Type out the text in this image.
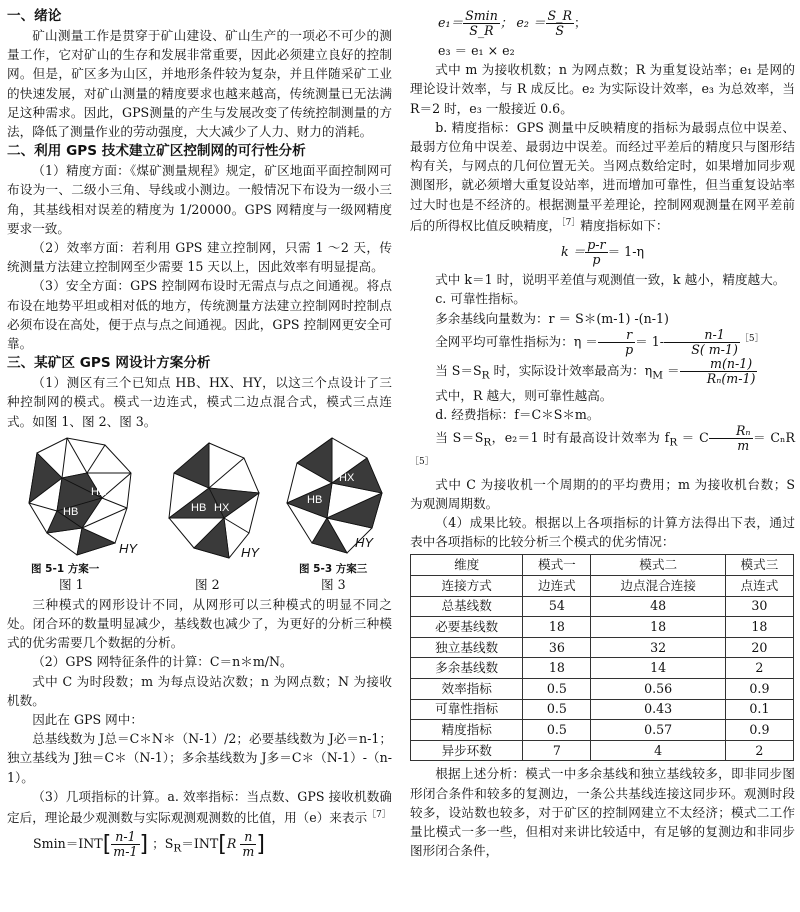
一、绪论

矿山测量工作是贯穿于矿山建设、矿山生产的一项必不可少的测量工作，它对矿山的生存和发展非常重要，因此必须建立良好的控制网。但是，矿区多为山区，并地形条件较为复杂，并且伴随采矿工业的快速发展，对矿山测量的精度要求也越来越高，传统测量已无法满足这种需求。因此，GPS测量的产生与发展改变了传统控制测量的方法，降低了测量作业的劳动强度，大大减少了人力、财力的消耗。

二、利用 GPS 技术建立矿区控制网的可行性分析

（1）精度方面：《煤矿测量规程》规定，矿区地面平面控制网可布设为一、二级小三角、导线或小测边。一般情况下布设为一级小三角，其基线相对误差的精度为 1/20000。GPS 网精度与一级网精度要求一致。

（2）效率方面：若利用 GPS 建立控制网，只需 1 ～2 天，传统测量方法建立控制网至少需要 15 天以上，因此效率有明显提高。

（3）安全方面：GPS 控制网布设时无需点与点之间通视。将点布设在地势平坦或相对低的地方，传统测量方法建立控制网时控制点必须布设在高处，便于点与点之间通视。因此，GPS 控制网更安全可靠。

三、某矿区 GPS 网设计方案分析

（1）测区有三个已知点 HB、HX、HY，以这三个点设计了三种控制网的模式。模式一边连式，模式二边点混合式，模式三点连式。如图 1、图 2、图 3。

HX
HB
HY
图 5-1 方案一
图 1
HX
HB
HY
图 2
HX
HB
HY
图 5-3 方案三
图 3

三种模式的网形设计不同，从网形可以三种模式的明显不同之处。闭合环的数量明显减少，基线数也减少了，为更好的分析三种模式的优劣需要几个数据的分析。

（2）GPS 网特征条件的计算：C＝n＊m/N。

式中 C 为时段数；m 为每点设站次数；n 为网点数；N 为接收机数。

因此在 GPS 网中：

总基线数为 J总＝C＊N＊（N-1）/2；必要基线数为 J必＝n-1；独立基线为 J独＝C＊（N-1）；多余基线数为 J多＝C＊（N-1）-（n-1）。

（3）几项指标的计算。a. 效率指标：当点数、GPS 接收机数确定后，理论最少观测数与实际观测观测数的比值，用（e）来表示$^{[7]}$

$Smin=INT[ \frac{n-1}{m-1}$ ] ；$S_R=INT[R \frac{n}{m}$ ]

$e_1= \frac{Smin}{S\_R}$ ； $e_2 = \frac{S\_R}{S}$ ；

e₃ ＝ e₁ × e₂

式中 m 为接收机数；n 为网点数；R 为重复设站率；e₁ 是网的理论设计效率，与 R 成反比。e₂ 为实际设计效率，e₃ 为总效率，当 R＝2 时，e₃ 一般接近 0.6。

b. 精度指标：GPS 测量中反映精度的指标为最弱点位中误差、最弱方位角中误差、最弱边中误差。而经过平差后的精度只与图形结构有关，与网点的几何位置无关。当网点数给定时，如果增加同步观测图形，就必须增大重复设站率，进而增加可靠性，但当重复设站率过大时也是不经济的。根据测量平差理论，控制网观测量在网平差前后的所得权比值反映精度，$^{[7]}$精度指标如下：

$k = \frac{p-r}{p} = 1-\eta$

式中 k＝1 时，说明平差值与观测值一致，k 越小，精度越大。

c. 可靠性指标。

多余基线向量数为：r ＝ S＊(m-1) -(n-1)

全网平均可靠性指标为：$\eta = \frac{r}{p} = 1- \frac{n-1}{S( m-1)} ^{[5]}$

当 $S=S_R$ 时，实际设计效率最高为：$\eta_M = \frac{m(n-1)}{\text{Rₙ(m-1)}}$

式中，R 越大，则可靠性越高。

d. 经费指标：f＝C＊S＊m。

当 $S=S_R$，e₂＝1 时有最高设计效率为 $f_R = C \frac{\text{Rₙ}}{m} = C_nR^{[5]}$

式中 C 为接收机一个周期的的平均费用；m 为接收机台数；S 为观测周期数。

（4）成果比较。根据以上各项指标的计算方法得出下表，通过表中各项指标的比较分析三个模式的优劣情况：

维度	模式一	模式二	模式三
连接方式	边连式	边点混合连接	点连式
总基线数	54	48	30
必要基线数	18	18	18
独立基线数	36	32	20
多余基线数	18	14	2
效率指标	0.5	0.56	0.9
可靠性指标	0.5	0.43	0.1
精度指标	0.5	0.57	0.9
异步环数	7	4	2

根据上述分析：模式一中多余基线和独立基线较多，即非同步图形闭合条件和较多的复测边，一条公共基线连接这同步环。观测时段较多，设站数也较多，对于矿区的控制网建立不太经济；模式二工作量比模式一多一些，但相对来讲比较适中，有足够的复测边和非同步图形闭合条件，
